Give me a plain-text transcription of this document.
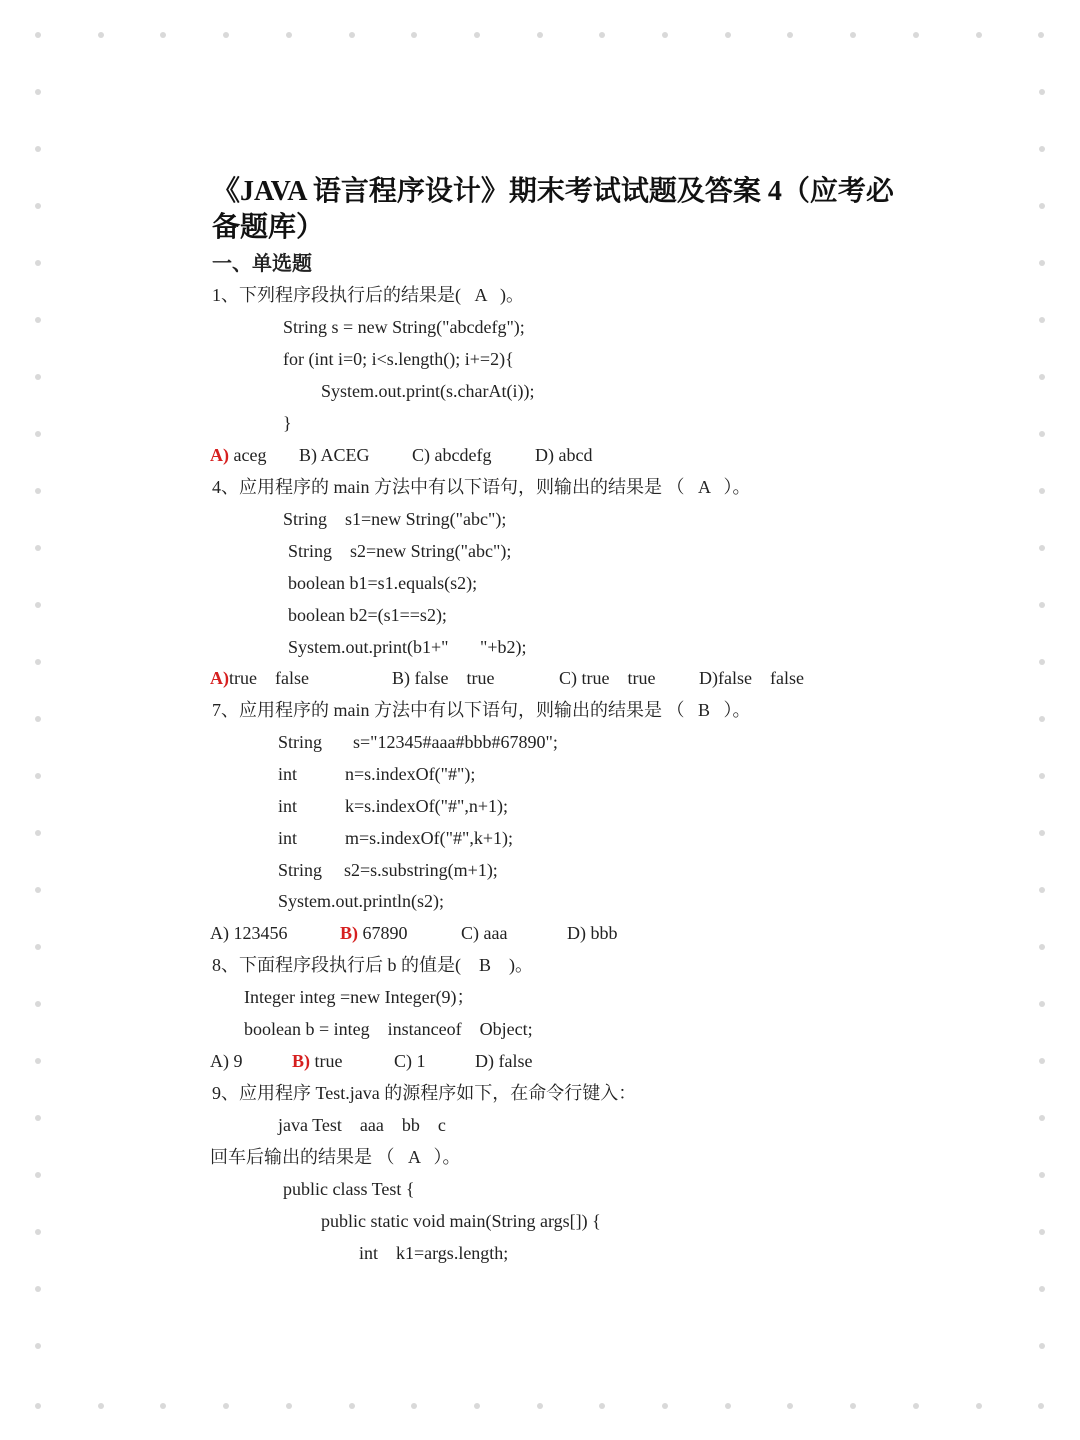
《JAVA 语言程序设计》期末考试试题及答案 4（应考必备题库）
一、单选题
1、下列程序段执行后的结果是(   A   )。
String s = new String("abcdefg");
for (int i=0; i<s.length(); i+=2){
System.out.print(s.charAt(i));
}
A) aceg B) ACEG C) abcdefg D) abcd
4、应用程序的 main 方法中有以下语句，则输出的结果是 （   A   ）。
String    s1=new String("abc");
String    s2=new String("abc");
boolean b1=s1.equals(s2);
boolean b2=(s1==s2);
System.out.print(b1+"       "+b2);
A)true    false	B) false    true	C) true    true D)false    false
7、应用程序的 main 方法中有以下语句，则输出的结果是 （   B   ）。
String s="12345#aaa#bbb#67890";
int	n=s.indexOf("#");
int	k=s.indexOf("#",n+1);
int	m=s.indexOf("#",k+1);
String s2=s.substring(m+1);
System.out.println(s2);
A) 123456	B) 67890	C) aaa	D) bbb
8、下面程序段执行后 b 的值是(    B    )。
Integer integ =new Integer(9)；
boolean b = integ    instanceof    Object;
A) 9	B) true	C) 1	D) false
9、应用程序 Test.java 的源程序如下，在命令行键入：
java Test    aaa    bb    c
回车后输出的结果是 （   A   ）。
public class Test {
public static void main(String args[]) {
int    k1=args.length;
